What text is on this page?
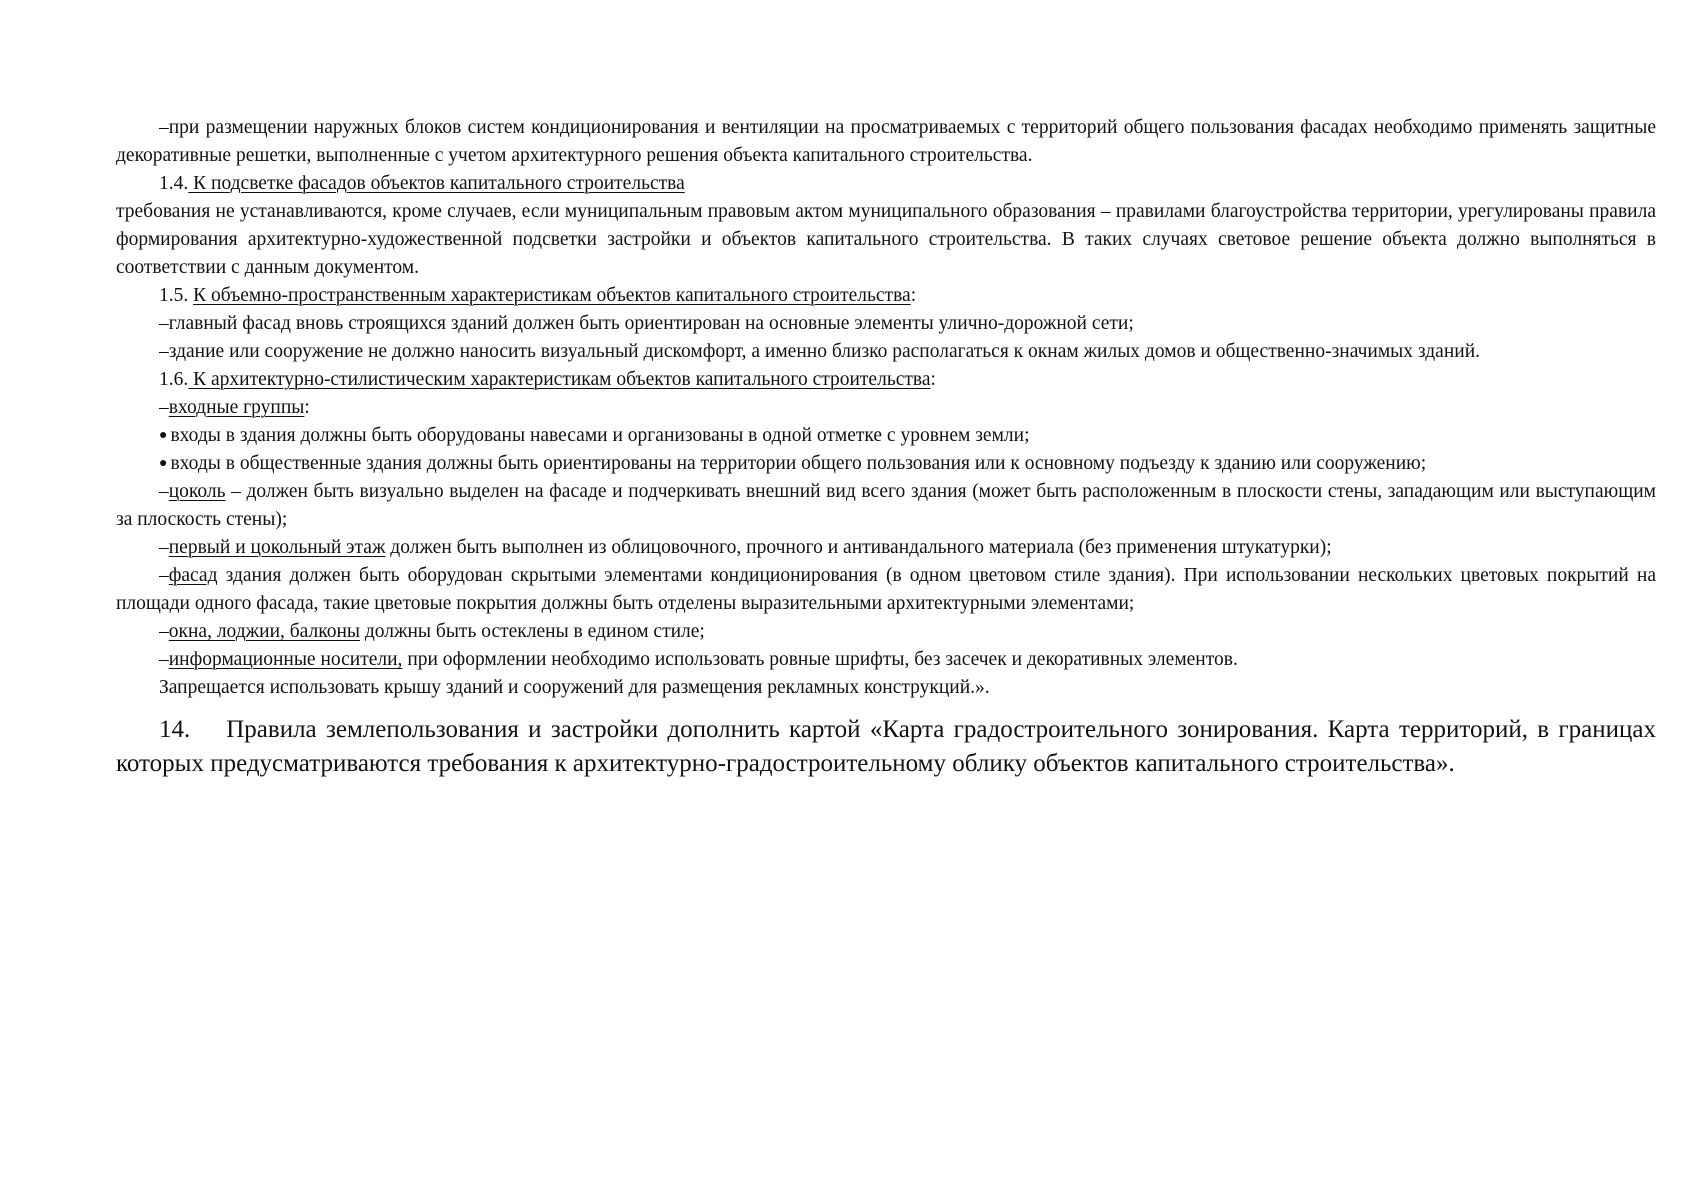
–при размещении наружных блоков систем кондиционирования и вентиляции на просматриваемых с территорий общего пользования фасадах необходимо применять защитные декоративные решетки, выполненные с учетом архитектурного решения объекта капитального строительства.

1.4. К подсветке фасадов объектов капитального строительства

требования не устанавливаются, кроме случаев, если муниципальным правовым актом муниципального образования – правилами благоустройства территории, урегулированы правила формирования архитектурно-художественной подсветки застройки и объектов капитального строительства. В таких случаях световое решение объекта должно выполняться в соответствии с данным документом.

1.5. К объемно-пространственным характеристикам объектов капитального строительства:

–главный фасад вновь строящихся зданий должен быть ориентирован на основные элементы улично-дорожной сети;

–здание или сооружение не должно наносить визуальный дискомфорт, а именно близко располагаться к окнам жилых домов и общественно-значимых зданий.

1.6. К архитектурно-стилистическим характеристикам объектов капитального строительства:

–входные группы:

● входы в здания должны быть оборудованы навесами и организованы в одной отметке с уровнем земли;

● входы в общественные здания должны быть ориентированы на территории общего пользования или к основному подъезду к зданию или сооружению;

–цоколь – должен быть визуально выделен на фасаде и подчеркивать внешний вид всего здания (может быть расположенным в плоскости стены, западающим или выступающим за плоскость стены);

–первый и цокольный этаж должен быть выполнен из облицовочного, прочного и антивандального материала (без применения штукатурки);

–фасад здания должен быть оборудован скрытыми элементами кондиционирования (в одном цветовом стиле здания). При использовании нескольких цветовых покрытий на площади одного фасада, такие цветовые покрытия должны быть отделены выразительными архитектурными элементами;

–окна, лоджии, балконы должны быть остеклены в едином стиле;

–информационные носители, при оформлении необходимо использовать ровные шрифты, без засечек и декоративных элементов.

Запрещается использовать крышу зданий и сооружений для размещения рекламных конструкций.».

14. Правила землепользования и застройки дополнить картой «Карта градостроительного зонирования. Карта территорий, в границах которых предусматриваются требования к архитектурно-градостроительному облику объектов капитального строительства».
